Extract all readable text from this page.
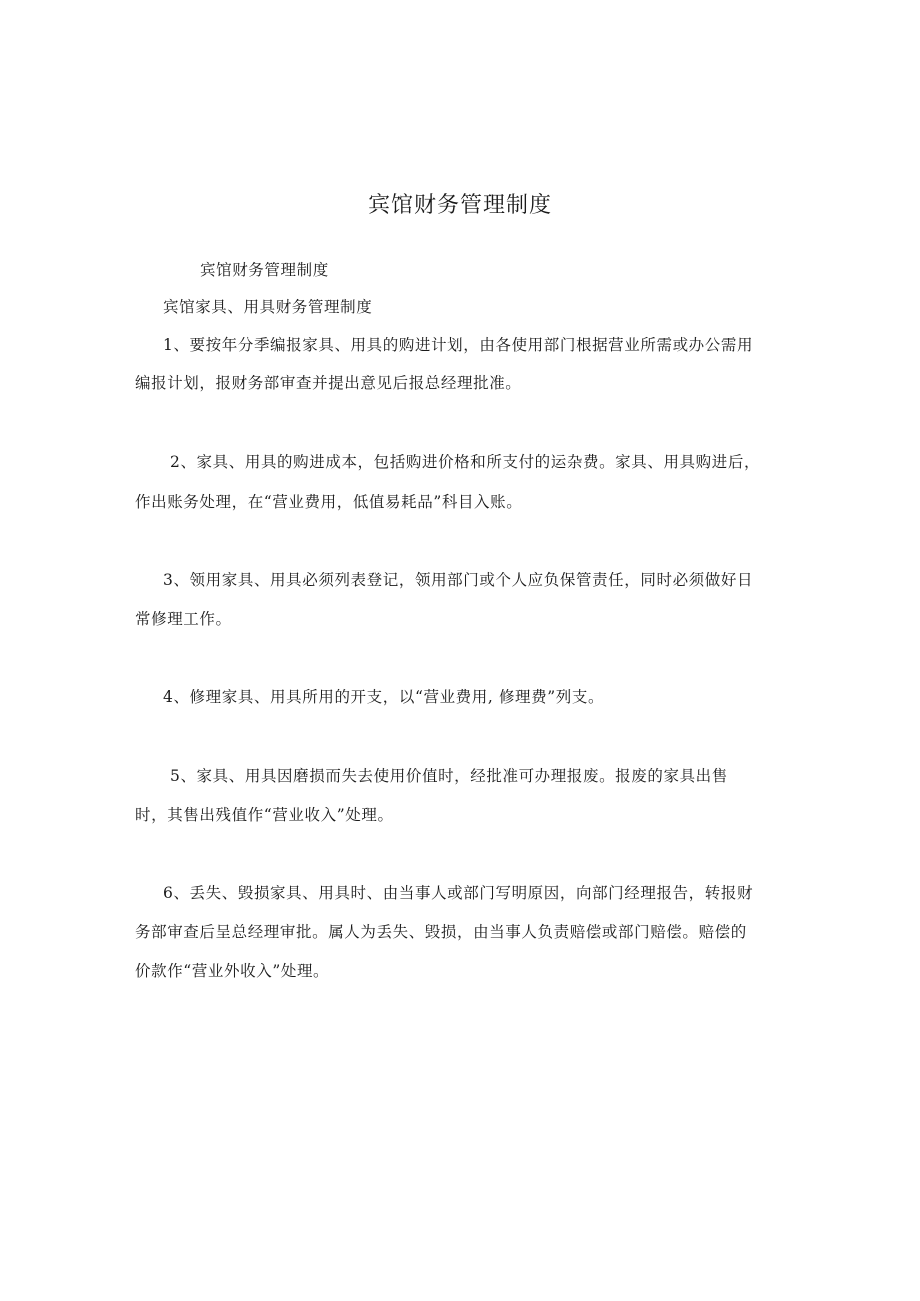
宾馆财务管理制度
宾馆财务管理制度
宾馆家具、用具财务管理制度
1、要按年分季编报家具、用具的购进计划，由各使用部门根据营业所需或办公需用
编报计划，报财务部审查并提出意见后报总经理批准。
2、家具、用具的购进成本，包括购进价格和所支付的运杂费。家具、用具购进后，
作出账务处理，在“营业费用，低值易耗品”科目入账。
3、领用家具、用具必须列表登记，领用部门或个人应负保管责任，同时必须做好日
常修理工作。
4、修理家具、用具所用的开支，以“营业费用, 修理费”列支。
5、家具、用具因磨损而失去使用价值时，经批准可办理报废。报废的家具出售
时，其售出残值作“营业收入”处理。
6、丢失、毁损家具、用具时、由当事人或部门写明原因，向部门经理报告，转报财
务部审查后呈总经理审批。属人为丢失、毁损，由当事人负责赔偿或部门赔偿。赔偿的
价款作“营业外收入”处理。
